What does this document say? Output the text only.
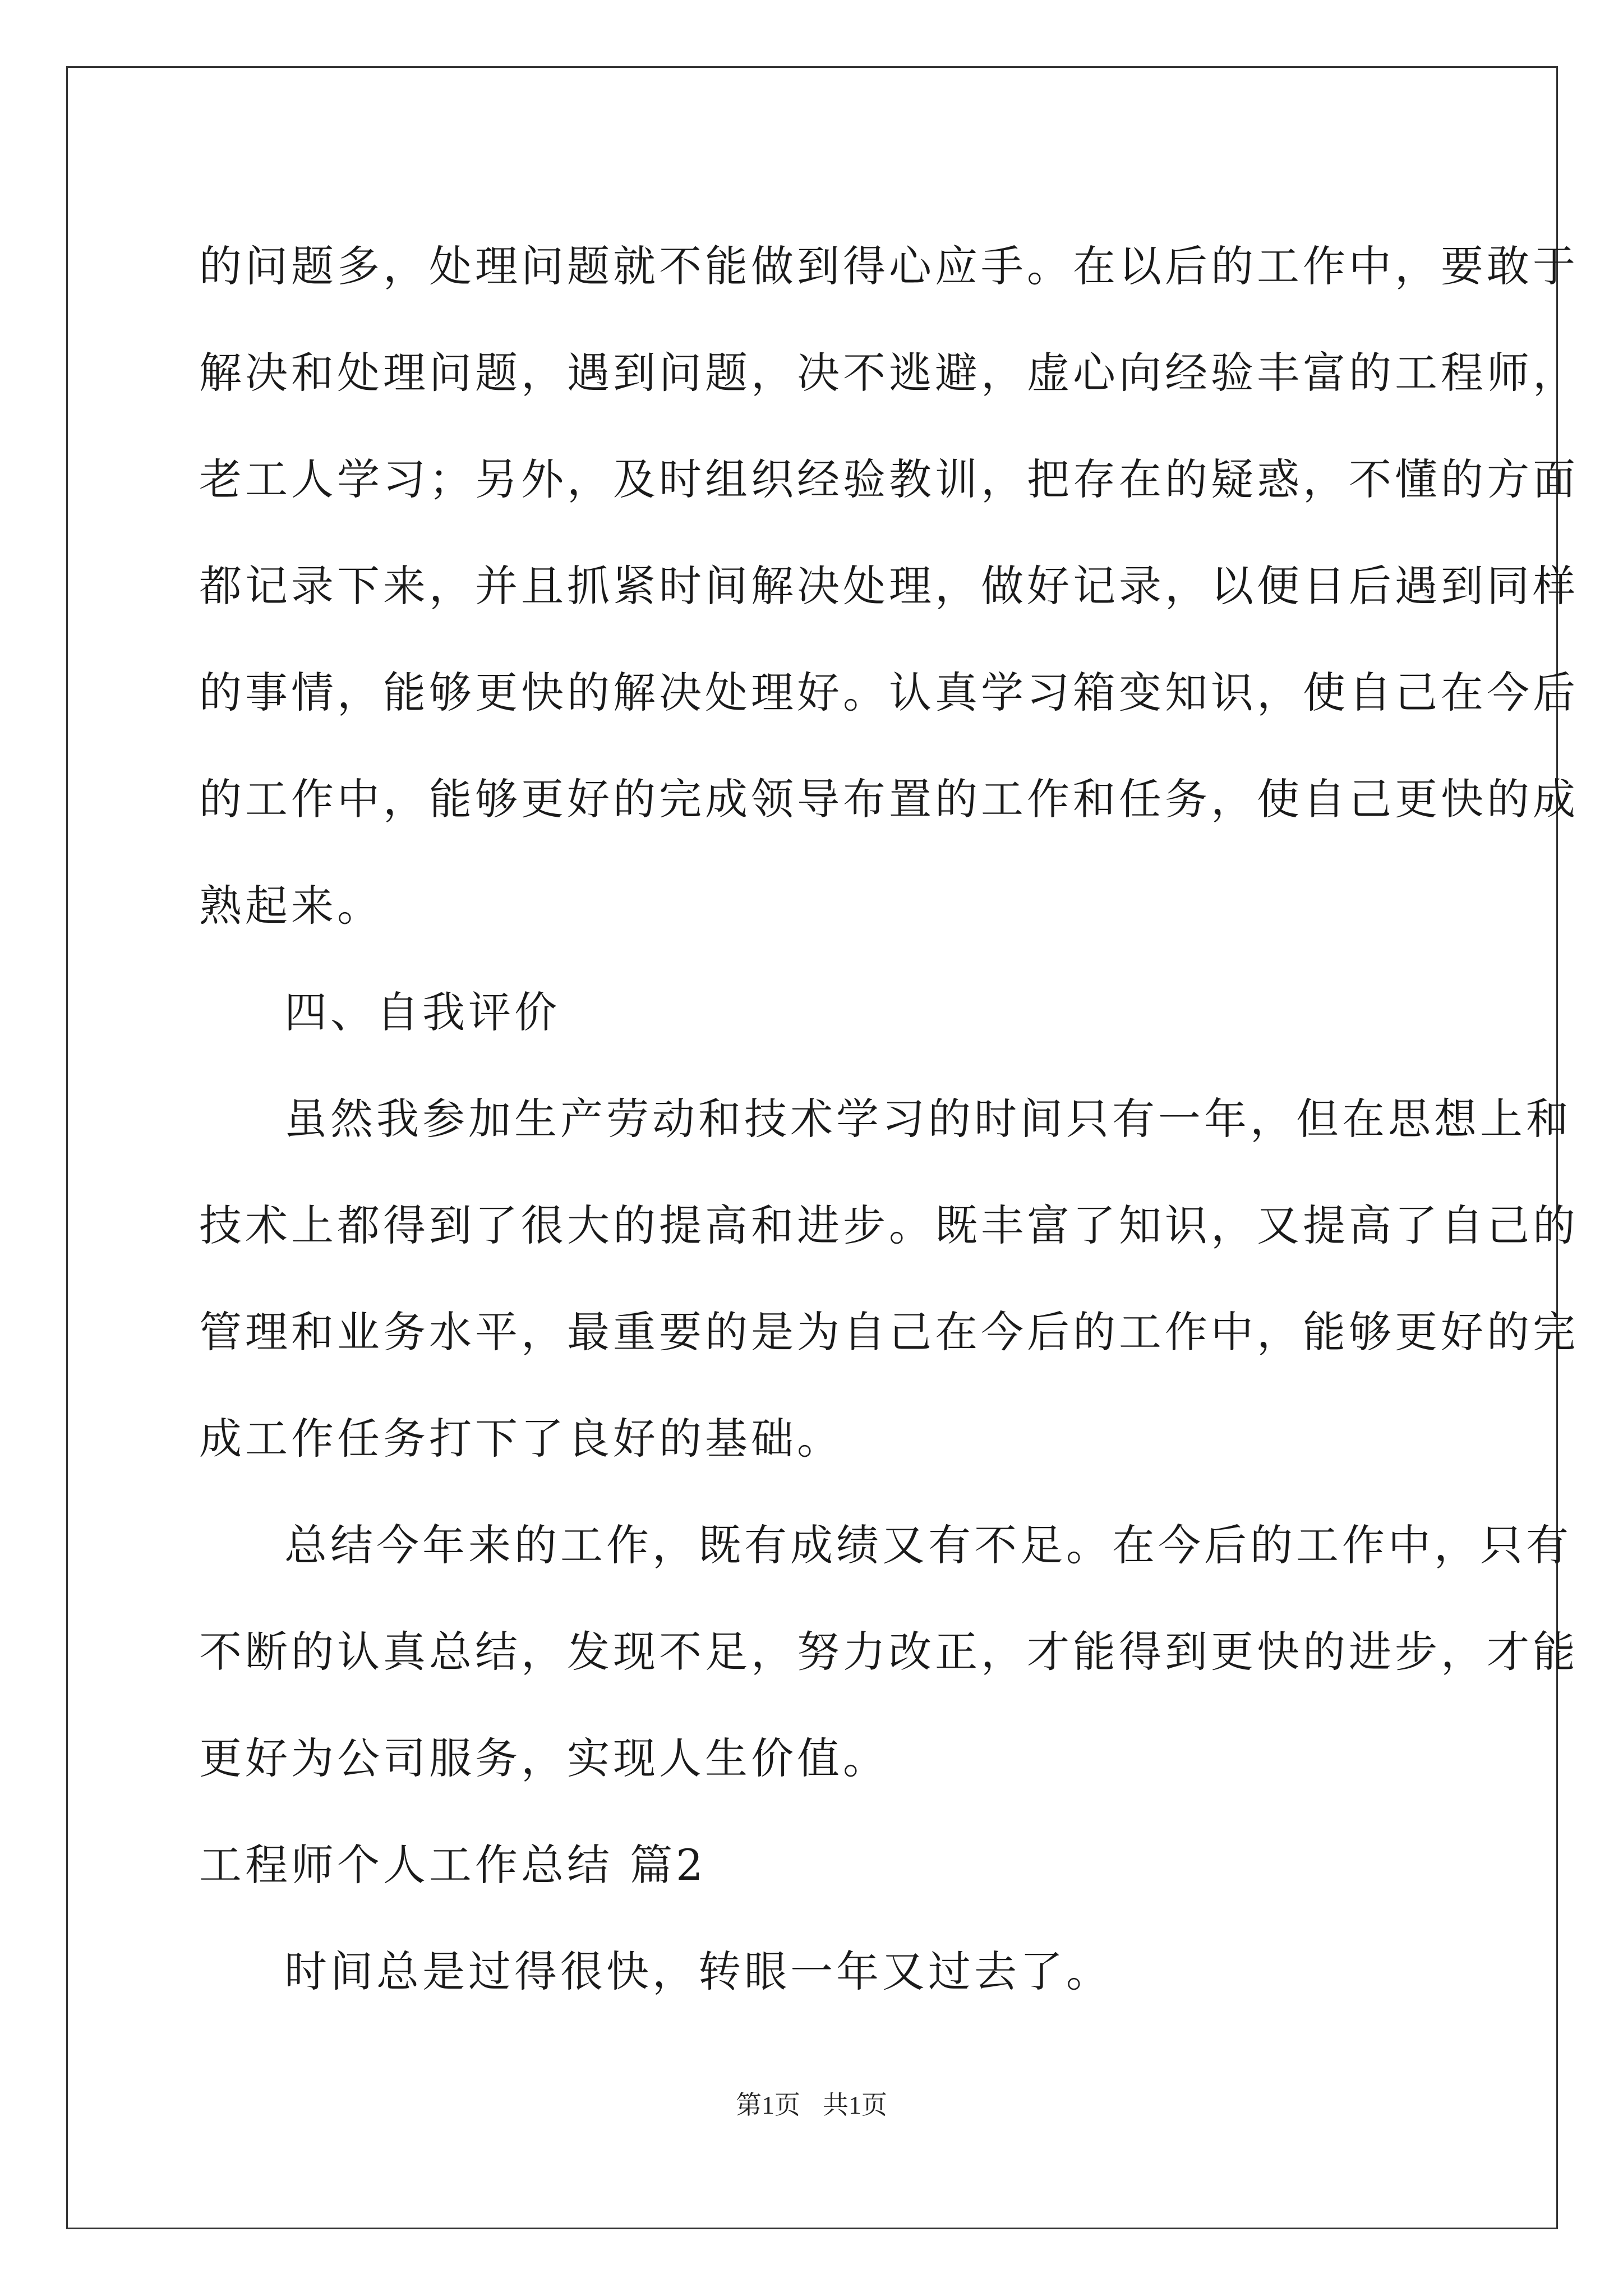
的问题多，处理问题就不能做到得心应手。在以后的工作中，要敢于

解决和处理问题，遇到问题，决不逃避，虚心向经验丰富的工程师，

老工人学习；另外，及时组织经验教训，把存在的疑惑，不懂的方面

都记录下来，并且抓紧时间解决处理，做好记录，以便日后遇到同样

的事情，能够更快的解决处理好。认真学习箱变知识，使自己在今后

的工作中，能够更好的完成领导布置的工作和任务，使自己更快的成

熟起来。

四、自我评价

虽然我参加生产劳动和技术学习的时间只有一年，但在思想上和

技术上都得到了很大的提高和进步。既丰富了知识，又提高了自己的

管理和业务水平，最重要的是为自己在今后的工作中，能够更好的完

成工作任务打下了良好的基础。

总结今年来的工作，既有成绩又有不足。在今后的工作中，只有

不断的认真总结，发现不足，努力改正，才能得到更快的进步，才能

更好为公司服务，实现人生价值。

工程师个人工作总结 篇2

时间总是过得很快，转眼一年又过去了。

第1页 共1页
